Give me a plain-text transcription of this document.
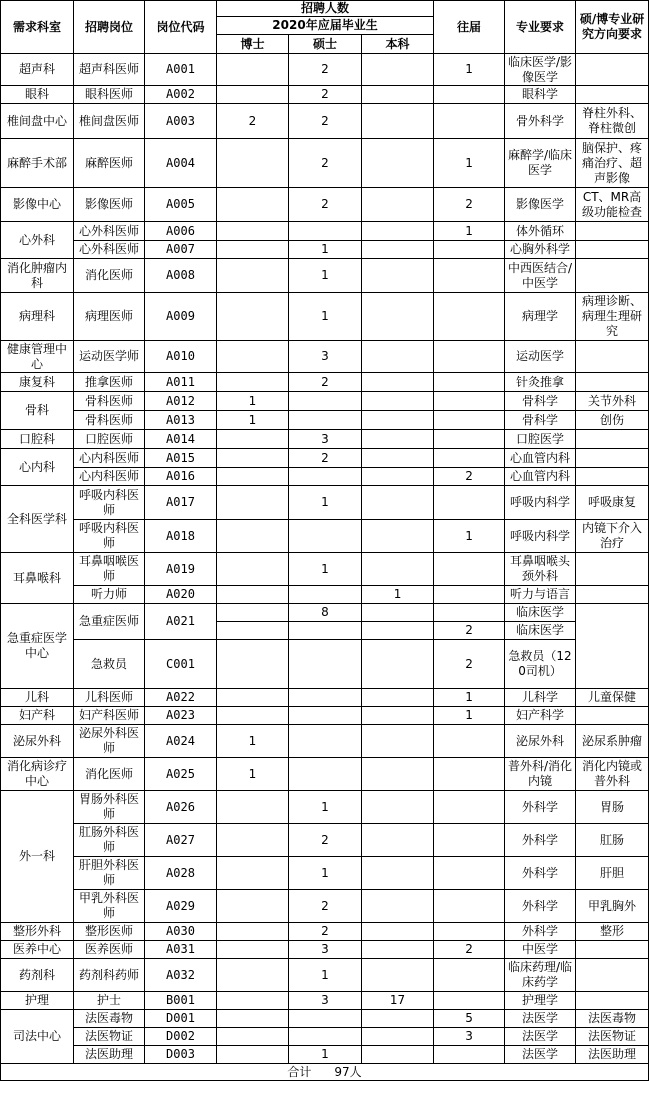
需求科室	招聘岗位	岗位代码	招聘人数			往届	专业要求	硕/博专业研究方向要求
			2020年应届毕业生					
			博士	硕士	本科			
超声科	超声科医师	A001		2		1	临床医学/影像医学	
眼科	眼科医师	A002		2			眼科学	
椎间盘中心	椎间盘医师	A003	2	2			骨外科学	脊柱外科、脊柱微创
麻醉手术部	麻醉医师	A004		2		1	麻醉学/临床医学	脑保护、疼痛治疗、超声影像
影像中心	影像医师	A005		2		2	影像医学	CT、MR高级功能检查
心外科	心外科医师	A006				1	体外循环	
	心外科医师	A007		1			心胸外科学	
消化肿瘤内科	消化医师	A008		1			中西医结合/中医学	
病理科	病理医师	A009		1			病理学	病理诊断、病理生理研究
健康管理中心	运动医学师	A010		3			运动医学	
康复科	推拿医师	A011		2			针灸推拿	
骨科	骨科医师	A012	1				骨科学	关节外科
	骨科医师	A013	1				骨科学	创伤
口腔科	口腔医师	A014		3			口腔医学	
心内科	心内科医师	A015		2			心血管内科	
	心内科医师	A016				2	心血管内科	
全科医学科	呼吸内科医师	A017		1			呼吸内科学	呼吸康复
	呼吸内科医师	A018				1	呼吸内科学	内镜下介入治疗
耳鼻喉科	耳鼻咽喉医师	A019		1			耳鼻咽喉头颈外科	
	听力师	A020			1		听力与语言	
急重症医学中心	急重症医师	A021		8			临床医学	
						2	临床医学	
	急救员	C001				2	急救员（120司机）	
儿科	儿科医师	A022				1	儿科学	儿童保健
妇产科	妇产科医师	A023				1	妇产科学	
泌尿外科	泌尿外科医师	A024	1				泌尿外科	泌尿系肿瘤
消化病诊疗中心	消化医师	A025	1				普外科/消化内镜	消化内镜或普外科
外一科	胃肠外科医师	A026		1			外科学	胃肠
	肛肠外科医师	A027		2			外科学	肛肠
	肝胆外科医师	A028		1			外科学	肝胆
	甲乳外科医师	A029		2			外科学	甲乳胸外
整形外科	整形医师	A030		2			外科学	整形
医养中心	医养医师	A031		3		2	中医学	
药剂科	药剂科药师	A032		1			临床药理/临床药学	
护理	护士	B001		3	17		护理学	
司法中心	法医毒物	D001				5	法医学	法医毒物
	法医物证	D002				3	法医学	法医物证
	法医助理	D003		1			法医学	法医助理
合计 97人								
